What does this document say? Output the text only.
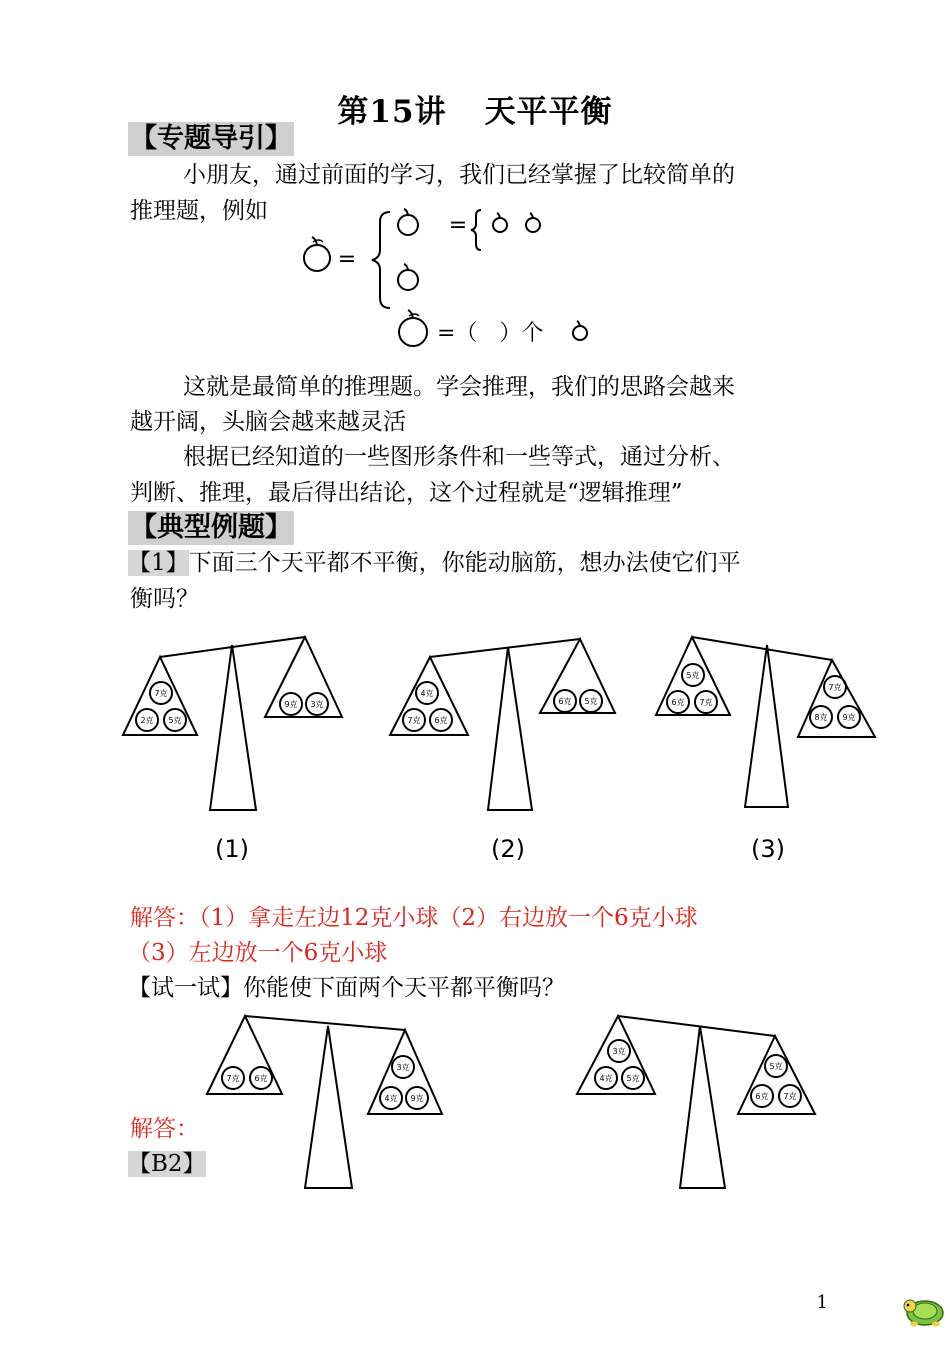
第15讲 天平平衡
【专题导引】
小朋友，通过前面的学习，我们已经掌握了比较简单的
推理题，例如
=
=
=（　）个
这就是最简单的推理题。学会推理，我们的思路会越来
越开阔，头脑会越来越灵活
根据已经知道的一些图形条件和一些等式，通过分析、
判断、推理，最后得出结论，这个过程就是“逻辑推理”
【典型例题】
【1】下面三个天平都不平衡，你能动脑筋，想办法使它们平
衡吗？
7克
2克 5克
9克 3克
4克
7克 6克
6克 5克
5克
6克 7克
7克
8克 9克
(1)	(2)	(3)
解答：（1）拿走左边12克小球（2）右边放一个6克小球
（3）左边放一个6克小球
【试一试】你能使下面两个天平都平衡吗？
7克 6克
3克
4克 9克
3克
4克 5克
5克
6克 7克
解答：
【B2】
1
